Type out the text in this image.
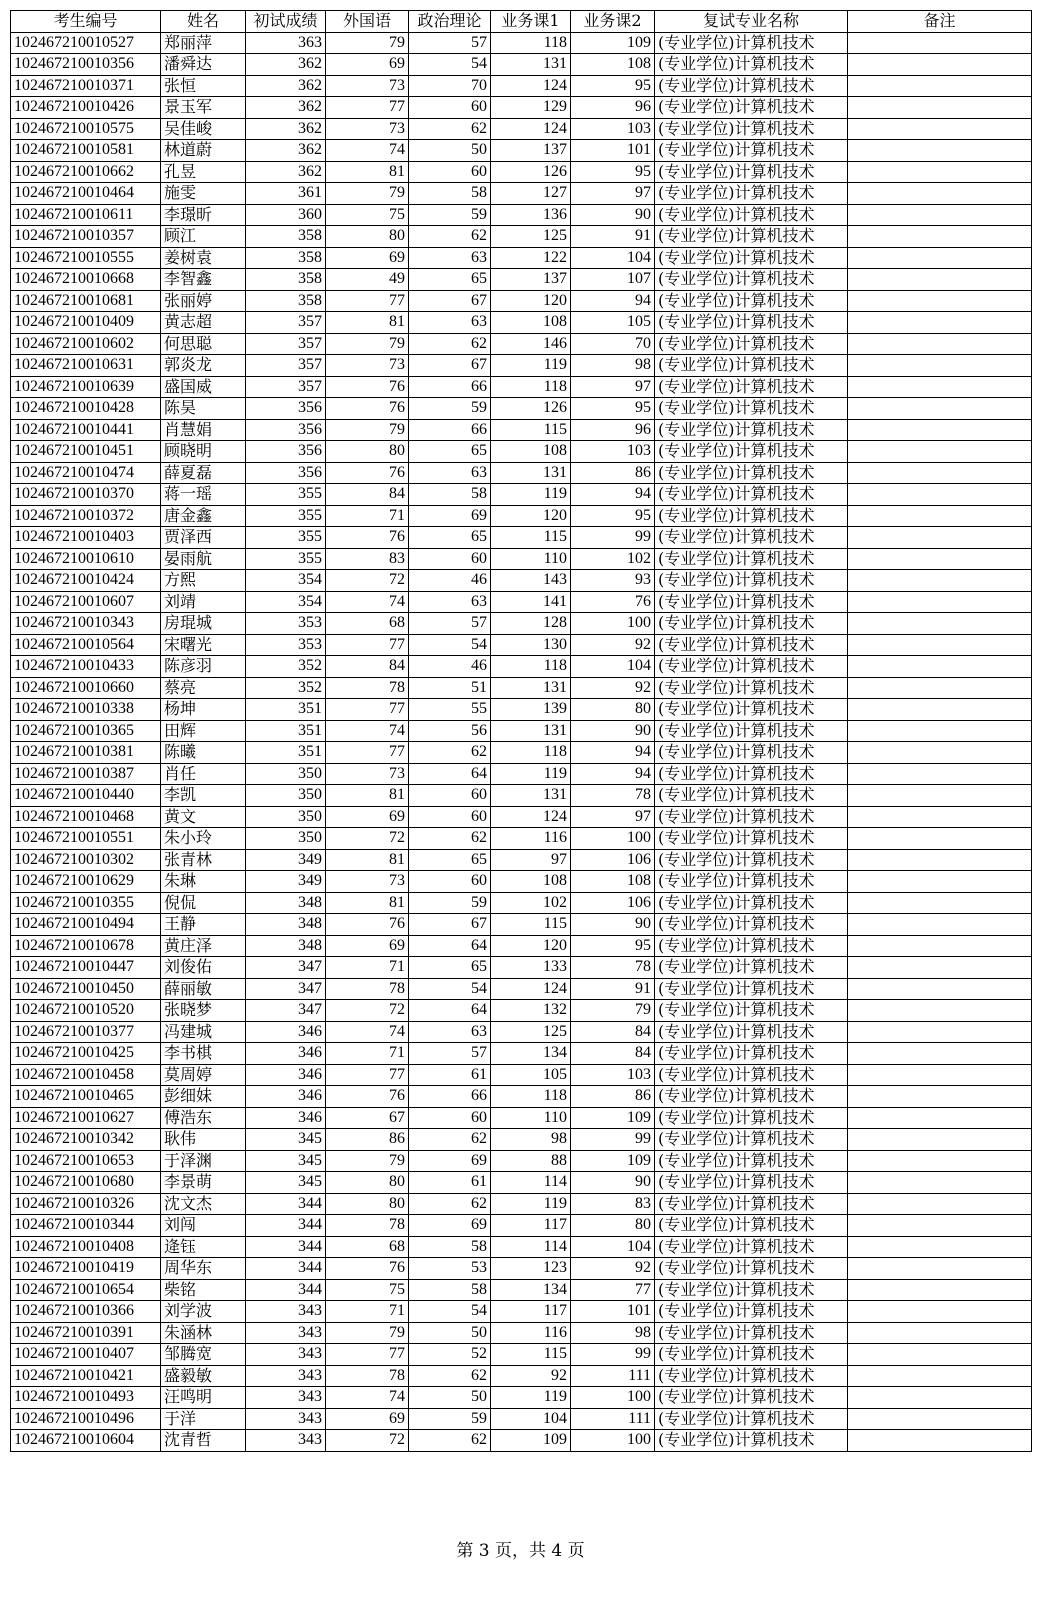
考生编号	姓名	初试成绩	外国语	政治理论	业务课1	业务课2	复试专业名称	备注
102467210010527	郑丽萍	363	79	57	118	109	(专业学位)计算机技术	
102467210010356	潘舜达	362	69	54	131	108	(专业学位)计算机技术	
102467210010371	张恒	362	73	70	124	95	(专业学位)计算机技术	
102467210010426	景玉军	362	77	60	129	96	(专业学位)计算机技术	
102467210010575	吴佳峻	362	73	62	124	103	(专业学位)计算机技术	
102467210010581	林道蔚	362	74	50	137	101	(专业学位)计算机技术	
102467210010662	孔昱	362	81	60	126	95	(专业学位)计算机技术	
102467210010464	施雯	361	79	58	127	97	(专业学位)计算机技术	
102467210010611	李璟昕	360	75	59	136	90	(专业学位)计算机技术	
102467210010357	顾江	358	80	62	125	91	(专业学位)计算机技术	
102467210010555	姜树袁	358	69	63	122	104	(专业学位)计算机技术	
102467210010668	李智鑫	358	49	65	137	107	(专业学位)计算机技术	
102467210010681	张丽婷	358	77	67	120	94	(专业学位)计算机技术	
102467210010409	黄志超	357	81	63	108	105	(专业学位)计算机技术	
102467210010602	何思聪	357	79	62	146	70	(专业学位)计算机技术	
102467210010631	郭炎龙	357	73	67	119	98	(专业学位)计算机技术	
102467210010639	盛国威	357	76	66	118	97	(专业学位)计算机技术	
102467210010428	陈昊	356	76	59	126	95	(专业学位)计算机技术	
102467210010441	肖慧娟	356	79	66	115	96	(专业学位)计算机技术	
102467210010451	顾晓明	356	80	65	108	103	(专业学位)计算机技术	
102467210010474	薛夏磊	356	76	63	131	86	(专业学位)计算机技术	
102467210010370	蒋一瑶	355	84	58	119	94	(专业学位)计算机技术	
102467210010372	唐金鑫	355	71	69	120	95	(专业学位)计算机技术	
102467210010403	贾泽西	355	76	65	115	99	(专业学位)计算机技术	
102467210010610	晏雨航	355	83	60	110	102	(专业学位)计算机技术	
102467210010424	方熙	354	72	46	143	93	(专业学位)计算机技术	
102467210010607	刘靖	354	74	63	141	76	(专业学位)计算机技术	
102467210010343	房琨城	353	68	57	128	100	(专业学位)计算机技术	
102467210010564	宋曙光	353	77	54	130	92	(专业学位)计算机技术	
102467210010433	陈彦羽	352	84	46	118	104	(专业学位)计算机技术	
102467210010660	蔡亮	352	78	51	131	92	(专业学位)计算机技术	
102467210010338	杨坤	351	77	55	139	80	(专业学位)计算机技术	
102467210010365	田辉	351	74	56	131	90	(专业学位)计算机技术	
102467210010381	陈曦	351	77	62	118	94	(专业学位)计算机技术	
102467210010387	肖任	350	73	64	119	94	(专业学位)计算机技术	
102467210010440	李凯	350	81	60	131	78	(专业学位)计算机技术	
102467210010468	黄文	350	69	60	124	97	(专业学位)计算机技术	
102467210010551	朱小玲	350	72	62	116	100	(专业学位)计算机技术	
102467210010302	张青林	349	81	65	97	106	(专业学位)计算机技术	
102467210010629	朱琳	349	73	60	108	108	(专业学位)计算机技术	
102467210010355	倪侃	348	81	59	102	106	(专业学位)计算机技术	
102467210010494	王静	348	76	67	115	90	(专业学位)计算机技术	
102467210010678	黄庄泽	348	69	64	120	95	(专业学位)计算机技术	
102467210010447	刘俊佑	347	71	65	133	78	(专业学位)计算机技术	
102467210010450	薛丽敏	347	78	54	124	91	(专业学位)计算机技术	
102467210010520	张晓梦	347	72	64	132	79	(专业学位)计算机技术	
102467210010377	冯建城	346	74	63	125	84	(专业学位)计算机技术	
102467210010425	李书棋	346	71	57	134	84	(专业学位)计算机技术	
102467210010458	莫周婷	346	77	61	105	103	(专业学位)计算机技术	
102467210010465	彭细妹	346	76	66	118	86	(专业学位)计算机技术	
102467210010627	傅浩东	346	67	60	110	109	(专业学位)计算机技术	
102467210010342	耿伟	345	86	62	98	99	(专业学位)计算机技术	
102467210010653	于泽渊	345	79	69	88	109	(专业学位)计算机技术	
102467210010680	李景萌	345	80	61	114	90	(专业学位)计算机技术	
102467210010326	沈文杰	344	80	62	119	83	(专业学位)计算机技术	
102467210010344	刘闯	344	78	69	117	80	(专业学位)计算机技术	
102467210010408	逄钰	344	68	58	114	104	(专业学位)计算机技术	
102467210010419	周华东	344	76	53	123	92	(专业学位)计算机技术	
102467210010654	柴铭	344	75	58	134	77	(专业学位)计算机技术	
102467210010366	刘学波	343	71	54	117	101	(专业学位)计算机技术	
102467210010391	朱涵林	343	79	50	116	98	(专业学位)计算机技术	
102467210010407	邹腾宽	343	77	52	115	99	(专业学位)计算机技术	
102467210010421	盛毅敏	343	78	62	92	111	(专业学位)计算机技术	
102467210010493	汪鸣明	343	74	50	119	100	(专业学位)计算机技术	
102467210010496	于洋	343	69	59	104	111	(专业学位)计算机技术	
102467210010604	沈青哲	343	72	62	109	100	(专业学位)计算机技术	
第 3 页，共 4 页
